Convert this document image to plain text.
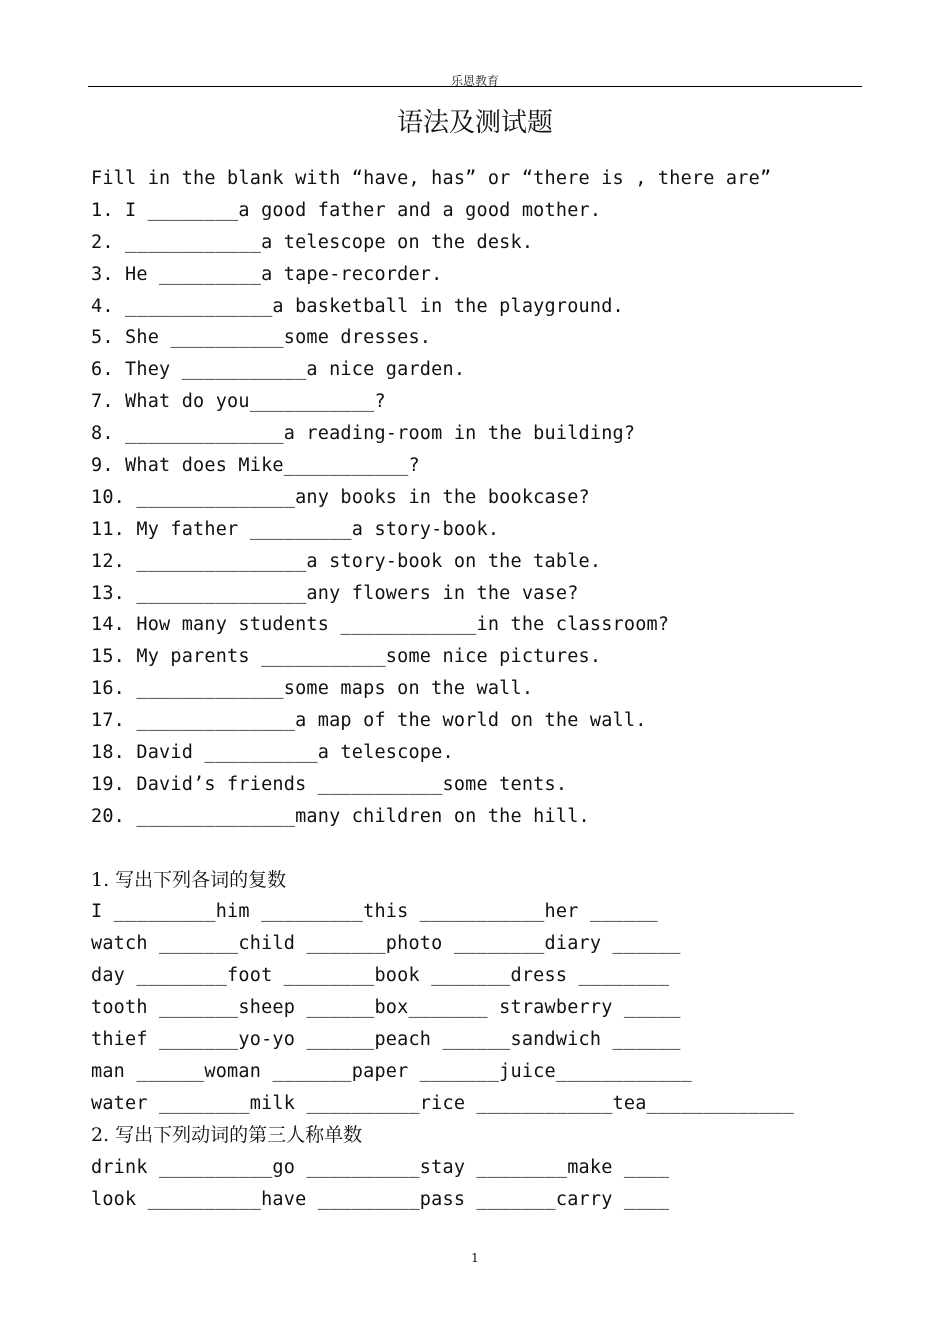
乐恩教育
语法及测试题
Fill in the blank with “have, has” or “there is , there are”
1. I ________a good father and a good mother.
2. ____________a telescope on the desk.
3. He _________a tape-recorder.
4. _____________a basketball in the playground.
5. She __________some dresses.
6. They ___________a nice garden.
7. What do you___________?
8. ______________a reading-room in the building?
9. What does Mike___________?
10. ______________any books in the bookcase?
11. My father _________a story-book.
12. _______________a story-book on the table.
13. _______________any flowers in the vase?
14. How many students ____________in the classroom?
15. My parents ___________some nice pictures.
16. _____________some maps on the wall.
17. ______________a map of the world on the wall.
18. David __________a telescope.
19. David’s friends ___________some tents.
20. ______________many children on the hill.
1. 写出下列各词的复数
I _________him _________this ___________her ______
watch _______child _______photo ________diary ______
day ________foot ________book _______dress ________
tooth _______sheep ______box_______ strawberry _____
thief _______yo-yo ______peach ______sandwich ______
man ______woman _______paper _______juice____________
water ________milk __________rice ____________tea_____________
2. 写出下列动词的第三人称单数
drink __________go __________stay ________make ____
look __________have _________pass _______carry ____
1
